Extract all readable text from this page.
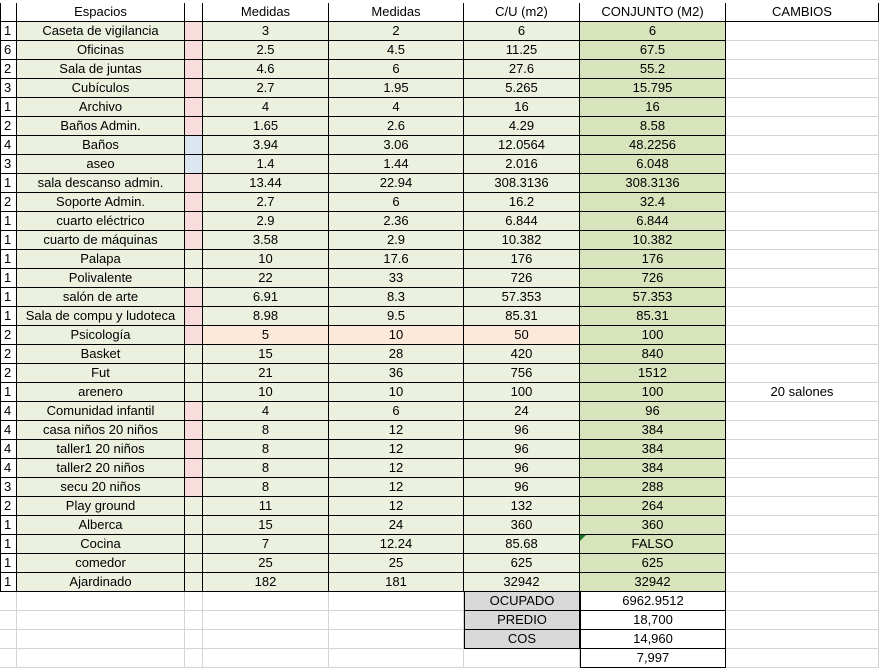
Espacios	Medidas	Medidas	C/U (m2)	CONJUNTO (M2)	CAMBIOS
1	Caseta de vigilancia	3	2	6	6
6	Oficinas	2.5	4.5	11.25	67.5
2	Sala de juntas	4.6	6	27.6	55.2
3	Cubículos	2.7	1.95	5.265	15.795
1	Archivo	4	4	16	16
2	Baños Admin.	1.65	2.6	4.29	8.58
4	Baños	3.94	3.06	12.0564	48.2256
3	aseo	1.4	1.44	2.016	6.048
1	sala descanso admin.	13.44	22.94	308.3136	308.3136
2	Soporte Admin.	2.7	6	16.2	32.4
1	cuarto eléctrico	2.9	2.36	6.844	6.844
1	cuarto de máquinas	3.58	2.9	10.382	10.382
1	Palapa	10	17.6	176	176
1	Polivalente	22	33	726	726
1	salón de arte	6.91	8.3	57.353	57.353
1	Sala de compu y ludoteca	8.98	9.5	85.31	85.31
2	Psicología	5	10	50	100
2	Basket	15	28	420	840
2	Fut	21	36	756	1512
1	arenero	10	10	100	100	20 salones
4	Comunidad infantil	4	6	24	96
4	casa niños 20 niños	8	12	96	384
4	taller1 20 niños	8	12	96	384
4	taller2 20 niños	8	12	96	384
3	secu 20 niños	8	12	96	288
2	Play ground	11	12	132	264
1	Alberca	15	24	360	360
1	Cocina	7	12.24	85.68	FALSO
1	comedor	25	25	625	625
1	Ajardinado	182	181	32942	32942
OCUPADO	6962.9512
PREDIO	18,700
COS	14,960
7,997
